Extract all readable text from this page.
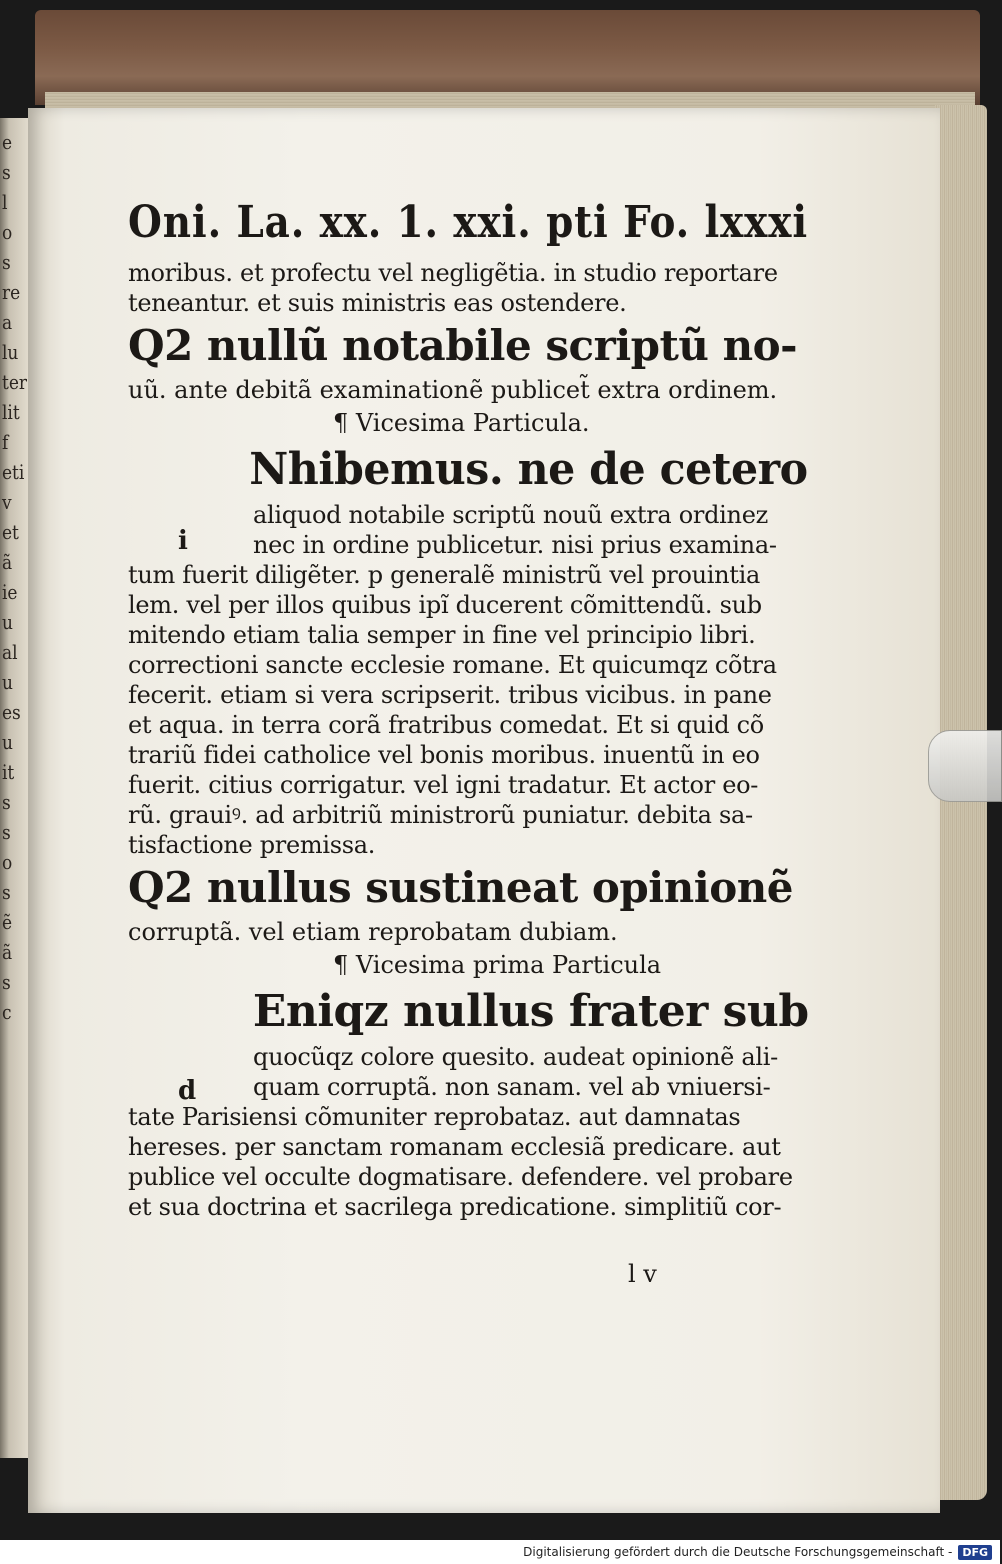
e
s
l
o
s
re
a
lu
ter
lit
f
eti
v
et
ã
ie
u
al
u
es
u
it
s
s
o
s
ẽ
ã
s
c
Oni. La. xx. 1. xxi. pti Fo. lxxxi
moribus. et profectu vel negligẽtia. in studio reportare
teneantur. et suis ministris eas ostendere.
Q2 nullũ notabile scriptũ no-
uũ. ante debitã examinationẽ publicet̃ extra ordinem.
¶ Vicesima Particula.
Nhibemus. ne de cetero
aliquod notabile scriptũ nouũ extra ordinez
nec in ordine publicetur. nisi prius examina-
tum fuerit diligẽter. p generalẽ ministrũ vel prouintia
lem. vel per illos quibus ipĩ ducerent cõmittendũ. sub
mitendo etiam talia semper in fine vel principio libri.
correctioni sancte ecclesie romane. Et quicumqz cõtra
fecerit. etiam si vera scripserit. tribus vicibus. in pane
et aqua. in terra corã fratribus comedat. Et si quid cõ
trariũ fidei catholice vel bonis moribus. inuentũ in eo
fuerit. citius corrigatur. vel igni tradatur. Et actor eo-
rũ. grauiꝰ. ad arbitriũ ministrorũ puniatur. debita sa-
tisfactione premissa.
Q2 nullus sustineat opinionẽ
corruptã. vel etiam reprobatam dubiam.
¶ Vicesima prima Particula
Eniqz nullus frater sub
quocũqz colore quesito. audeat opinionẽ ali-
quam corruptã. non sanam. vel ab vniuersi-
tate Parisiensi cõmuniter reprobataz. aut damnatas
hereses. per sanctam romanam ecclesiã predicare. aut
publice vel occulte dogmatisare. defendere. vel probare
et sua doctrina et sacrilega predicatione. simplitiũ cor-
i
d
l v
Digitalisierung gefördert durch die Deutsche Forschungsgemeinschaft - DFG
